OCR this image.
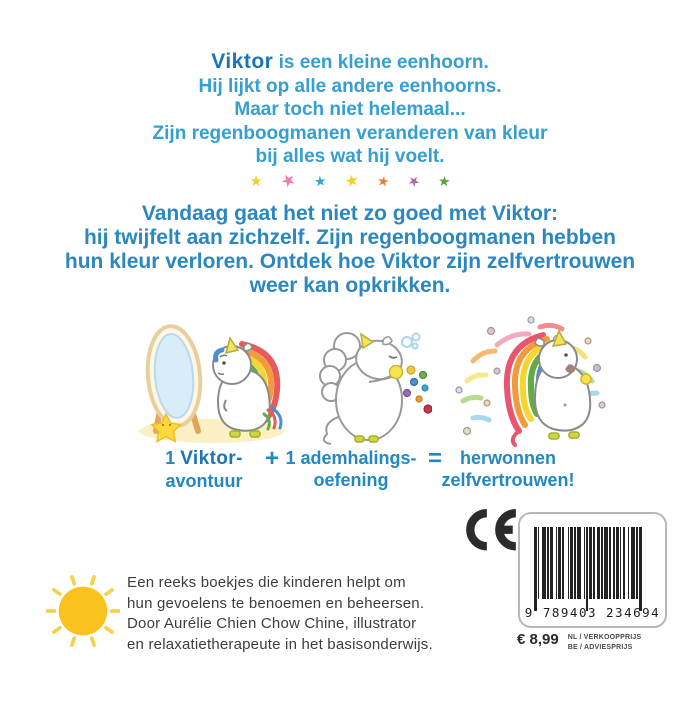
Viktor is een kleine eenhoorn.
Hij lijkt op alle andere eenhoorns.
Maar toch niet helemaal...
Zijn regenboogmanen veranderen van kleur
bij alles wat hij voelt.
★ ★ ★ ★ ★ ★ ★
Vandaag gaat het niet zo goed met Viktor:
hij twijfelt aan zichzelf. Zijn regenboogmanen hebben
hun kleur verloren. Ontdek hoe Viktor zijn zelfvertrouwen
weer kan opkrikken.
1 Viktor-
avontuur
+ 1 ademhalings-
oefening
= herwonnen
zelfvertrouwen!
9 789403 234694
€ 8,99 NL / VERKOOPPRIJS
BE / ADVIESPRIJS
Een reeks boekjes die kinderen helpt om
hun gevoelens te benoemen en beheersen.
Door Aurélie Chien Chow Chine, illustrator
en relaxatietherapeute in het basisonderwijs.
